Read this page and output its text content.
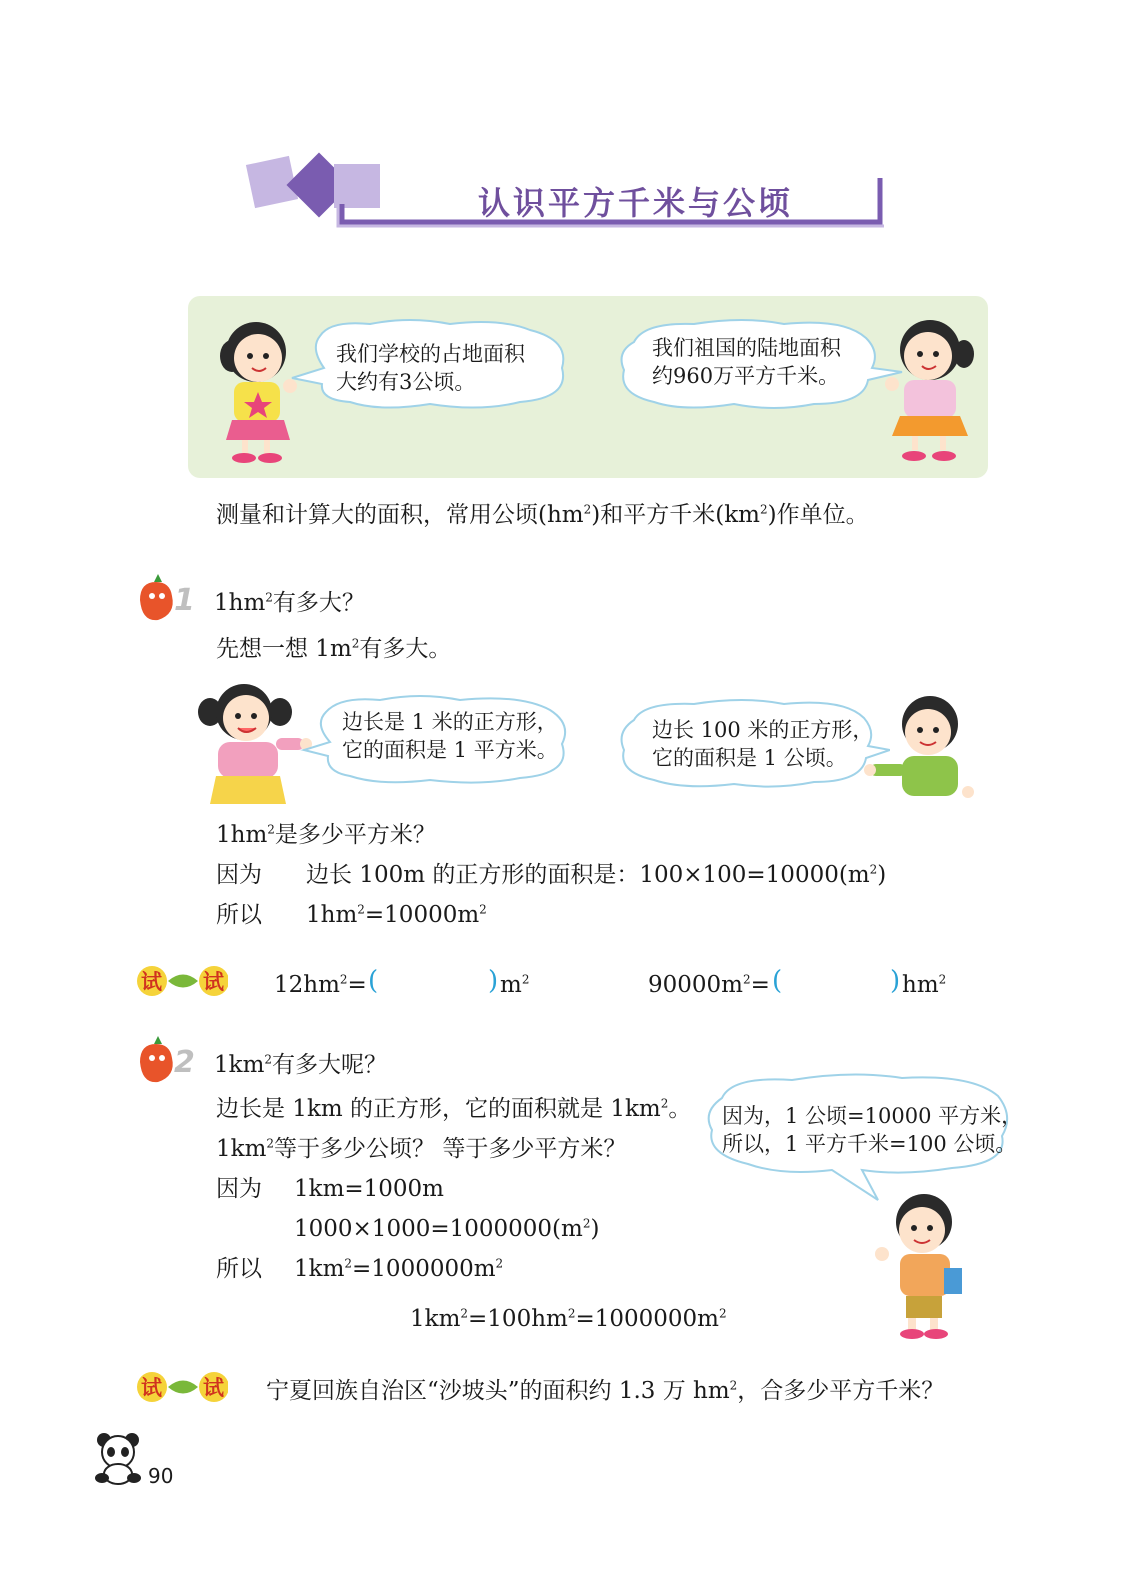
认识平方千米与公顷
我们学校的占地面积
大约有3公顷。
我们祖国的陆地面积
约960万平方千米。
测量和计算大的面积，常用公顷$(hm^2)$和平方千米$(km^2)$作单位。
1 $1hm^2$有多大？
先想一想 $1m^2$有多大。
边长是 1 米的正方形，
它的面积是 1 平方米。
边长 100 米的正方形，
它的面积是 1 公顷。
$1hm^2$是多少平方米？
因为 边长 100m 的正方形的面积是：$100\times 100=10000(m^2)$
所以 $1hm^2=10000m^2$
试 试 $12hm^2=$ (	) $m^2$	$90000m^2=$ (	) $hm^2$
2 $1km^2$有多大呢？
边长是 1km 的正方形，它的面积就是 $1km^2$。
$1km^2$等于多少公顷？ 等于多少平方米？
因为 1km=1000m
$1000\times 1000=1000000(m^2)$
所以 $1km^2=1000000m^2$
$1km^2=100hm^2=1000000m^2$
因为，1 公顷=10000 平方米，
所以，1 平方千米=100 公顷。
试 试 宁夏回族自治区“沙坡头”的面积约 1.3 万 $hm^2$，合多少平方千米？
90
